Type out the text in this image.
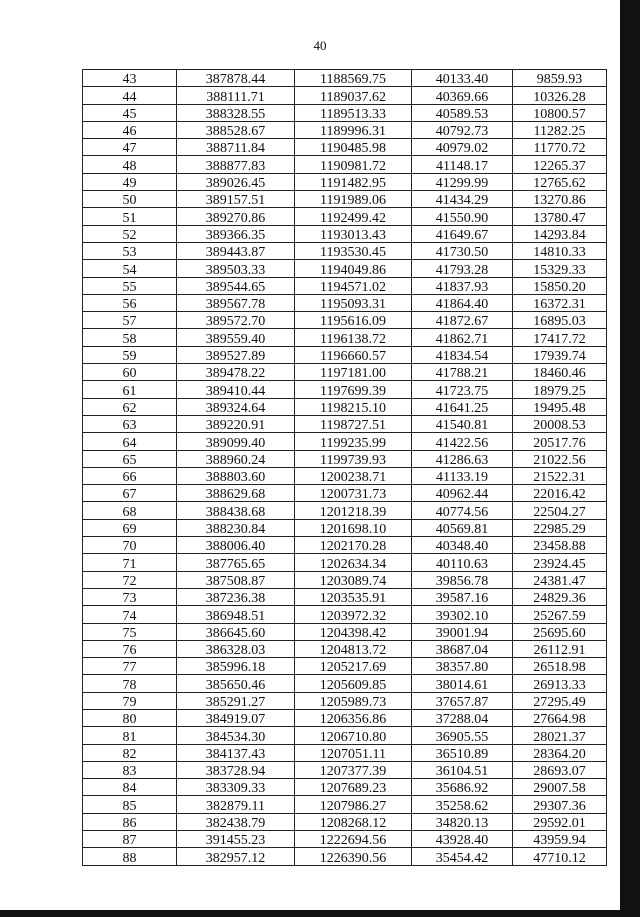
40
43	387878.44	1188569.75	40133.40	9859.93
44	388111.71	1189037.62	40369.66	10326.28
45	388328.55	1189513.33	40589.53	10800.57
46	388528.67	1189996.31	40792.73	11282.25
47	388711.84	1190485.98	40979.02	11770.72
48	388877.83	1190981.72	41148.17	12265.37
49	389026.45	1191482.95	41299.99	12765.62
50	389157.51	1191989.06	41434.29	13270.86
51	389270.86	1192499.42	41550.90	13780.47
52	389366.35	1193013.43	41649.67	14293.84
53	389443.87	1193530.45	41730.50	14810.33
54	389503.33	1194049.86	41793.28	15329.33
55	389544.65	1194571.02	41837.93	15850.20
56	389567.78	1195093.31	41864.40	16372.31
57	389572.70	1195616.09	41872.67	16895.03
58	389559.40	1196138.72	41862.71	17417.72
59	389527.89	1196660.57	41834.54	17939.74
60	389478.22	1197181.00	41788.21	18460.46
61	389410.44	1197699.39	41723.75	18979.25
62	389324.64	1198215.10	41641.25	19495.48
63	389220.91	1198727.51	41540.81	20008.53
64	389099.40	1199235.99	41422.56	20517.76
65	388960.24	1199739.93	41286.63	21022.56
66	388803.60	1200238.71	41133.19	21522.31
67	388629.68	1200731.73	40962.44	22016.42
68	388438.68	1201218.39	40774.56	22504.27
69	388230.84	1201698.10	40569.81	22985.29
70	388006.40	1202170.28	40348.40	23458.88
71	387765.65	1202634.34	40110.63	23924.45
72	387508.87	1203089.74	39856.78	24381.47
73	387236.38	1203535.91	39587.16	24829.36
74	386948.51	1203972.32	39302.10	25267.59
75	386645.60	1204398.42	39001.94	25695.60
76	386328.03	1204813.72	38687.04	26112.91
77	385996.18	1205217.69	38357.80	26518.98
78	385650.46	1205609.85	38014.61	26913.33
79	385291.27	1205989.73	37657.87	27295.49
80	384919.07	1206356.86	37288.04	27664.98
81	384534.30	1206710.80	36905.55	28021.37
82	384137.43	1207051.11	36510.89	28364.20
83	383728.94	1207377.39	36104.51	28693.07
84	383309.33	1207689.23	35686.92	29007.58
85	382879.11	1207986.27	35258.62	29307.36
86	382438.79	1208268.12	34820.13	29592.01
87	391455.23	1222694.56	43928.40	43959.94
88	382957.12	1226390.56	35454.42	47710.12
